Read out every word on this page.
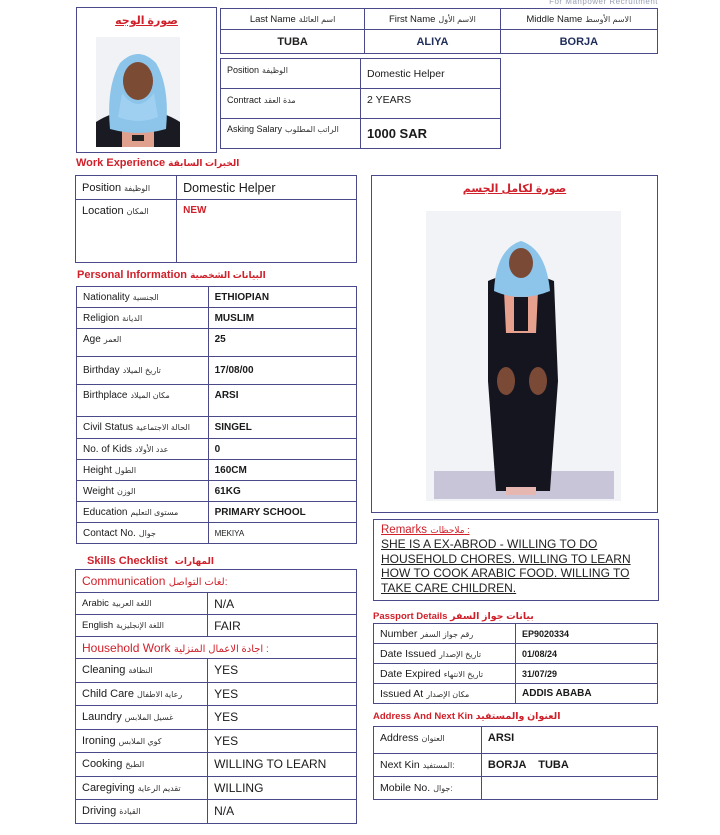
For Manpower Recruitment
صورة الوجه	Last Name اسم العائلة	First Name الاسم الأول	Middle Name الاسم الأوسط
TUBA	ALIYA	BORJA
Position الوظيفة	Domestic Helper
Contract مدة العقد	2 YEARS
Asking Salary الراتب المطلوب	1000 SAR
Work Experience الخبرات السابقة
Position الوظيفة	Domestic Helper
Location المكان	NEW
Personal Information البيانات الشخصية
Nationality الجنسية	ETHIOPIAN
Religion الديانة	MUSLIM
Age العمر	25
Birthday تاريخ الميلاد	17/08/00
Birthplace مكان الميلاد	ARSI
Civil Status الحالة الاجتماعية	SINGEL
No. of Kids عدد الأولاد	0
Height الطول	160CM
Weight الوزن	61KG
Education مستوى التعليم	PRIMARY SCHOOL
Contact No. جوال	MEKIYA
Skills Checklist المهارات
Communication لغات التواصل:	
Arabic اللغة العربية	N/A
English اللغة الإنجليزية	FAIR
Household Work اجادة الاعمال المنزلية :	
Cleaning النظافة	YES
Child Care رعاية الاطفال	YES
Laundry غسيل الملابس	YES
Ironing كوي الملابس	YES
Cooking الطبخ	WILLING TO LEARN
Caregiving تقديم الرعاية	WILLING
Driving القيادة	N/A
صورة لكامل الجسم
Remarks ملاحظات :
SHE IS A EX-ABROD - WILLING TO DO HOUSEHOLD CHORES. WILLING TO LEARN HOW TO COOK ARABIC FOOD. WILLING TO TAKE CARE CHILDREN.
Passport Details بيانات جواز السفر
Number رقم جواز السفر	EP9020334
Date Issued تاريخ الإصدار	01/08/24
Date Expired تاريخ الانتهاء	31/07/29
Issued At مكان الإصدار	ADDIS ABABA
Address And Next Kin العنوان والمستفيد
Address العنوان	ARSI
Next Kin المستفيد:	BORJA    TUBA
Mobile No. جوال:	
